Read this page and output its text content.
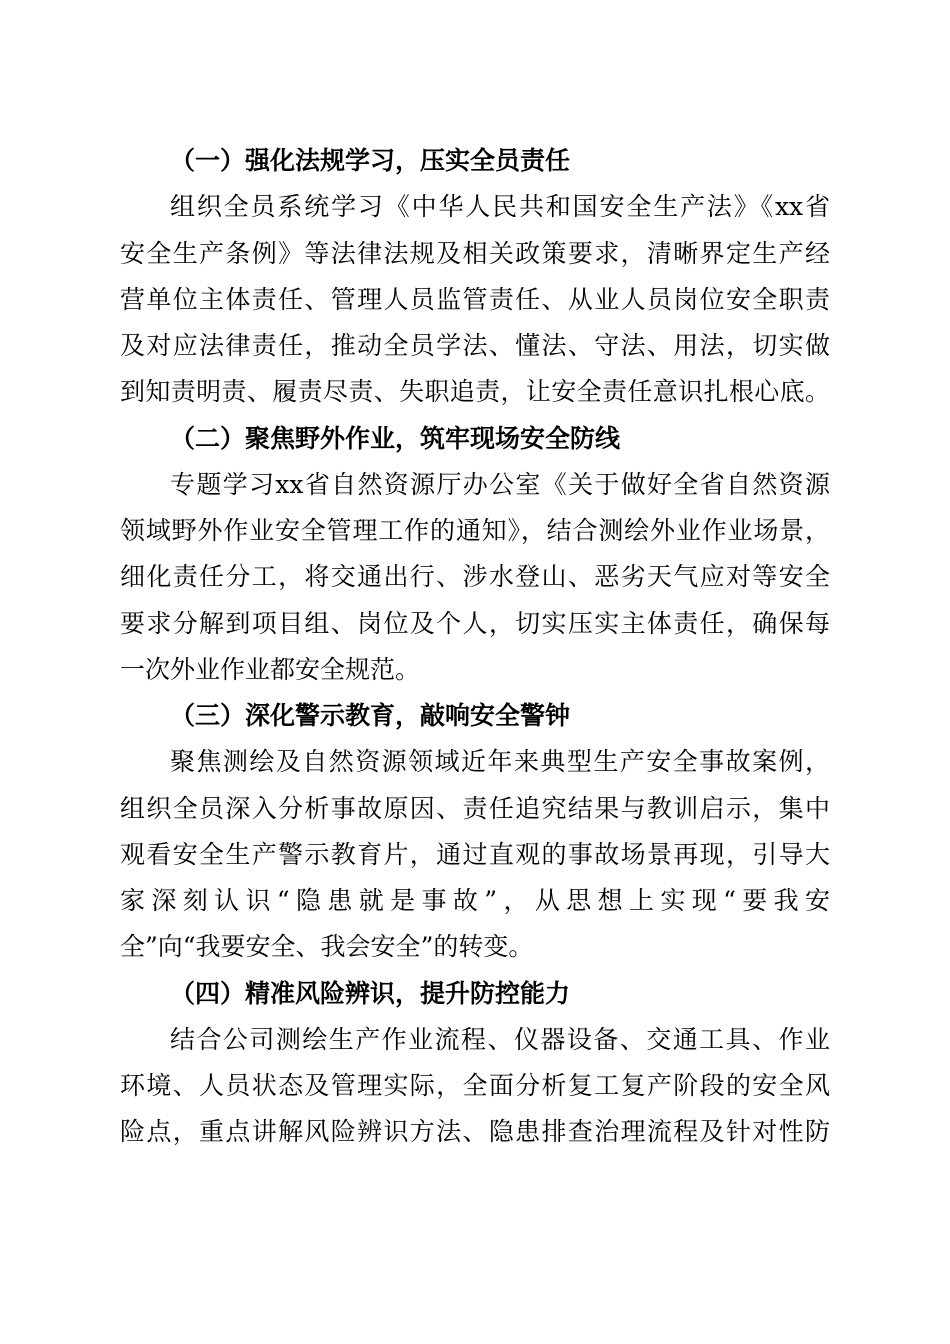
（一）强化法规学习，压实全员责任
组织全员系统学习《中华人民共和国安全生产法》《xx省
安全生产条例》等法律法规及相关政策要求，清晰界定生产经
营单位主体责任、管理人员监管责任、从业人员岗位安全职责
及对应法律责任，推动全员学法、懂法、守法、用法，切实做
到知责明责、履责尽责、失职追责，让安全责任意识扎根心底。
（二）聚焦野外作业，筑牢现场安全防线
专题学习xx省自然资源厅办公室《关于做好全省自然资源
领域野外作业安全管理工作的通知》，结合测绘外业作业场景，
细化责任分工，将交通出行、涉水登山、恶劣天气应对等安全
要求分解到项目组、岗位及个人，切实压实主体责任，确保每
一次外业作业都安全规范。
（三）深化警示教育，敲响安全警钟
聚焦测绘及自然资源领域近年来典型生产安全事故案例，
组织全员深入分析事故原因、责任追究结果与教训启示，集中
观看安全生产警示教育片，通过直观的事故场景再现，引导大
家深刻认识“隐患就是事故”，从思想上实现“要我安
全”向“我要安全、我会安全”的转变。
（四）精准风险辨识，提升防控能力
结合公司测绘生产作业流程、仪器设备、交通工具、作业
环境、人员状态及管理实际，全面分析复工复产阶段的安全风
险点，重点讲解风险辨识方法、隐患排查治理流程及针对性防
